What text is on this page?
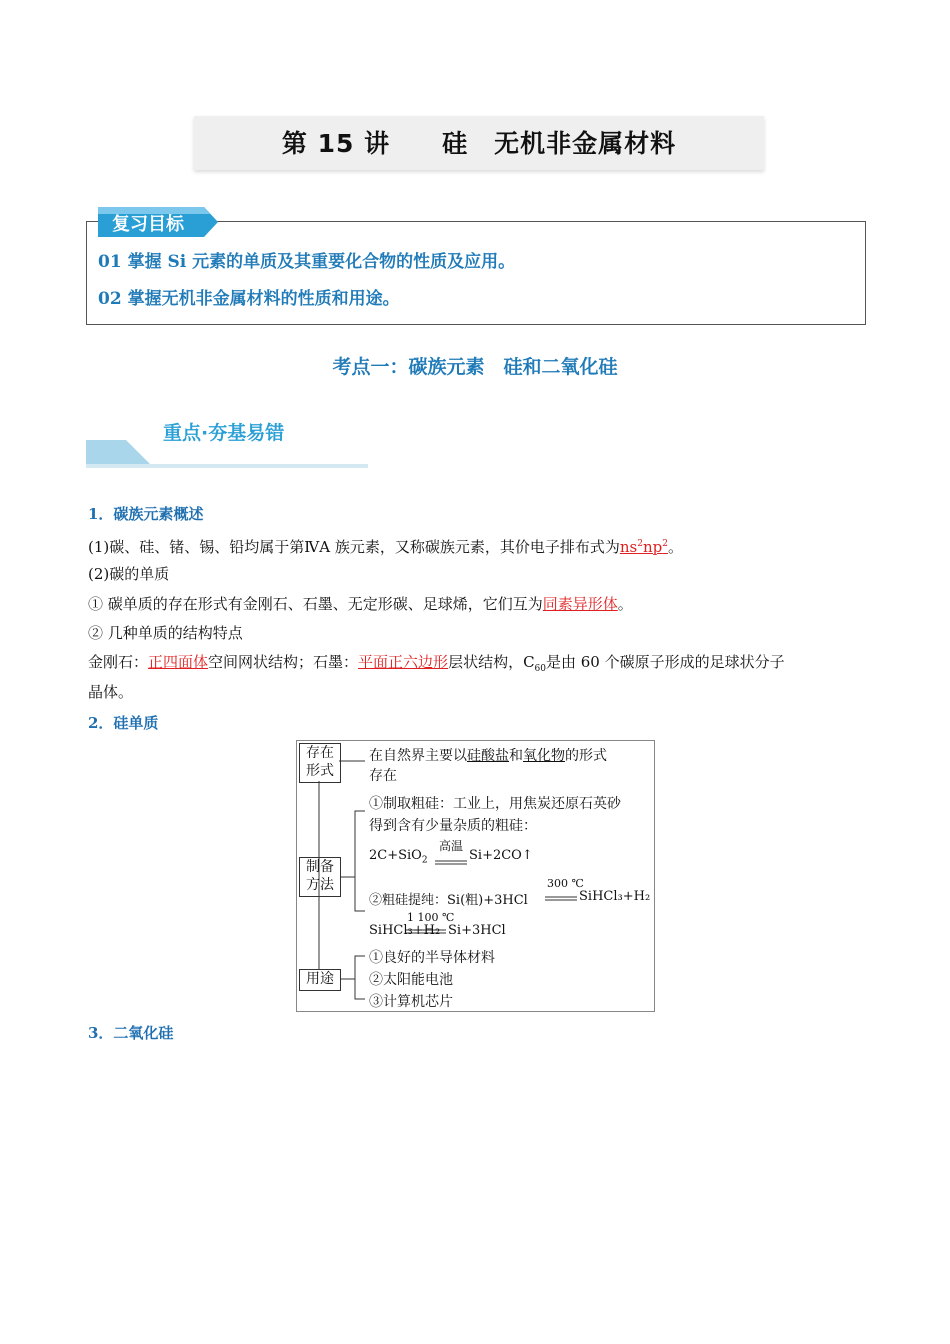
第 15 讲　　硅　无机非金属材料
复习目标
01 掌握 Si 元素的单质及其重要化合物的性质及应用。
02 掌握无机非金属材料的性质和用途。
考点一：碳族元素　硅和二氧化硅
重点·夯基易错
1．碳族元素概述
(1)碳、硅、锗、锡、铅均属于第ⅣA 族元素，又称碳族元素，其价电子排布式为$ns^2np^2$。
(2)碳的单质
① 碳单质的存在形式有金刚石、石墨、无定形碳、足球烯，它们互为同素异形体。
② 几种单质的结构特点
金刚石：正四面体空间网状结构；石墨：平面正六边形层状结构，$C_{60}$是由 60 个碳原子形成的足球状分子
晶体。
2．硅单质
存在
形式
在自然界主要以硅酸盐和氧化物的形式
存在
制备
方法
①制取粗硅：工业上，用焦炭还原石英砂
得到含有少量杂质的粗硅：
2C+SiO$_2$
高温
Si+2CO↑
②粗硅提纯：Si(粗)+3HCl
300 ℃
SiHCl₃+H₂
SiHCl₃+H₂
1 100 ℃
Si+3HCl
用途
①良好的半导体材料
②太阳能电池
③计算机芯片
3．二氧化硅
